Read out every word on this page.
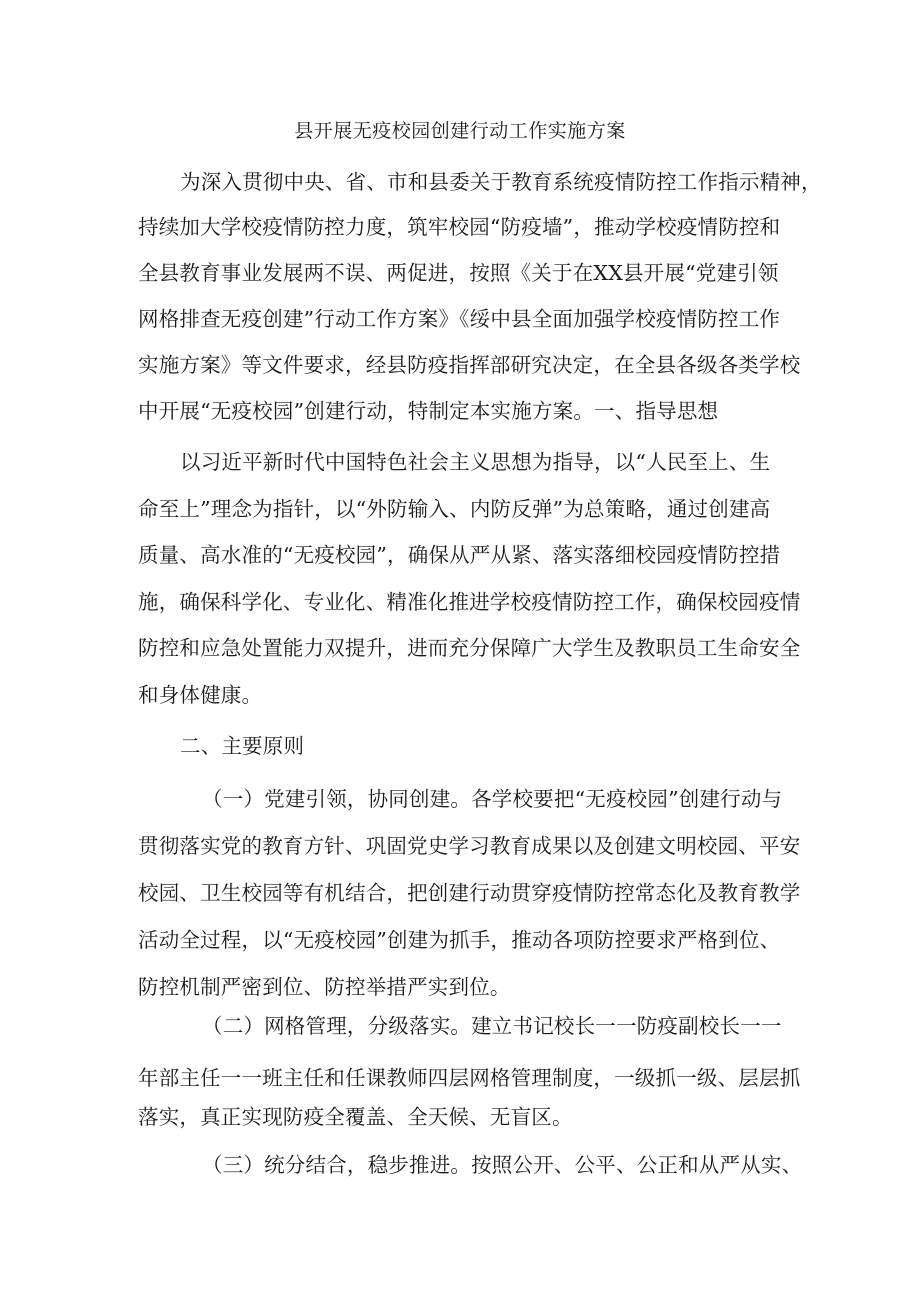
县开展无疫校园创建行动工作实施方案
为深入贯彻中央、省、市和县委关于教育系统疫情防控工作指示精神，
持续加大学校疫情防控力度，筑牢校园“防疫墙”，推动学校疫情防控和
全县教育事业发展两不误、两促进，按照《关于在XX县开展“党建引领
网格排查无疫创建”行动工作方案》《绥中县全面加强学校疫情防控工作
实施方案》等文件要求，经县防疫指挥部研究决定，在全县各级各类学校
中开展“无疫校园”创建行动，特制定本实施方案。一、指导思想
以习近平新时代中国特色社会主义思想为指导，以“人民至上、生
命至上”理念为指针，以“外防输入、内防反弹”为总策略，通过创建高
质量、高水准的“无疫校园”，确保从严从紧、落实落细校园疫情防控措
施，确保科学化、专业化、精准化推进学校疫情防控工作，确保校园疫情
防控和应急处置能力双提升，进而充分保障广大学生及教职员工生命安全
和身体健康。
二、主要原则
（一）党建引领，协同创建。各学校要把“无疫校园”创建行动与
贯彻落实党的教育方针、巩固党史学习教育成果以及创建文明校园、平安
校园、卫生校园等有机结合，把创建行动贯穿疫情防控常态化及教育教学
活动全过程，以“无疫校园”创建为抓手，推动各项防控要求严格到位、
防控机制严密到位、防控举措严实到位。
（二）网格管理，分级落实。建立书记校长一一防疫副校长一一
年部主任一一班主任和任课教师四层网格管理制度，一级抓一级、层层抓
落实，真正实现防疫全覆盖、全天候、无盲区。
（三）统分结合，稳步推进。按照公开、公平、公正和从严从实、
